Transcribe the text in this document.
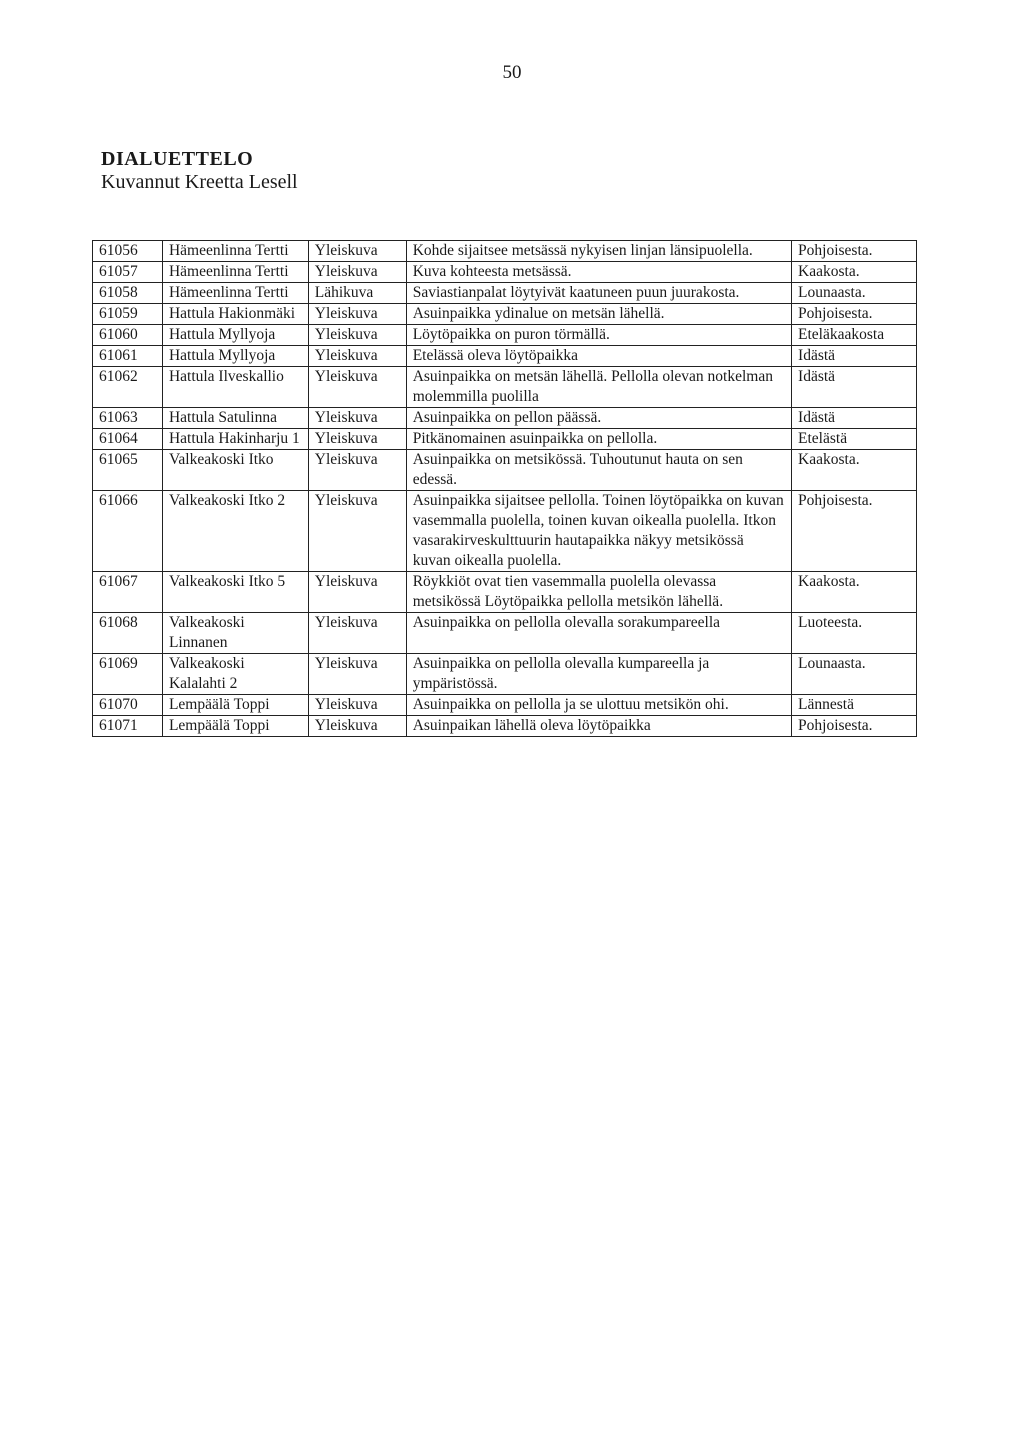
50
DIALUETTELO
Kuvannut Kreetta Lesell
61056	Hämeenlinna Tertti	Yleiskuva	Kohde sijaitsee metsässä nykyisen linjan länsipuolella.	Pohjoisesta.
61057	Hämeenlinna Tertti	Yleiskuva	Kuva kohteesta metsässä.	Kaakosta.
61058	Hämeenlinna Tertti	Lähikuva	Saviastianpalat löytyivät kaatuneen puun juurakosta.	Lounaasta.
61059	Hattula Hakionmäki	Yleiskuva	Asuinpaikka ydinalue on metsän lähellä.	Pohjoisesta.
61060	Hattula Myllyoja	Yleiskuva	Löytöpaikka on puron törmällä.	Eteläkaakosta
61061	Hattula Myllyoja	Yleiskuva	Etelässä oleva löytöpaikka	Idästä
61062	Hattula Ilveskallio	Yleiskuva	Asuinpaikka on metsän lähellä. Pellolla olevan notkelman molemmilla puolilla	Idästä
61063	Hattula Satulinna	Yleiskuva	Asuinpaikka on pellon päässä.	Idästä
61064	Hattula Hakinharju 1	Yleiskuva	Pitkänomainen asuinpaikka on pellolla.	Etelästä
61065	Valkeakoski Itko	Yleiskuva	Asuinpaikka on metsikössä. Tuhoutunut hauta on sen edessä.	Kaakosta.
61066	Valkeakoski Itko 2	Yleiskuva	Asuinpaikka sijaitsee pellolla. Toinen löytöpaikka on kuvan vasemmalla puolella, toinen kuvan oikealla puolella. Itkon vasarakirveskulttuurin hautapaikka näkyy metsikössä kuvan oikealla puolella.	Pohjoisesta.
61067	Valkeakoski Itko 5	Yleiskuva	Röykkiöt ovat tien vasemmalla puolella olevassa metsikössä Löytöpaikka pellolla metsikön lähellä.	Kaakosta.
61068	Valkeakoski Linnanen	Yleiskuva	Asuinpaikka on pellolla olevalla sorakumpareella	Luoteesta.
61069	Valkeakoski Kalalahti 2	Yleiskuva	Asuinpaikka on pellolla olevalla kumpareella ja ympäristössä.	Lounaasta.
61070	Lempäälä Toppi	Yleiskuva	Asuinpaikka on pellolla ja se ulottuu metsikön ohi.	Lännestä
61071	Lempäälä Toppi	Yleiskuva	Asuinpaikan lähellä oleva löytöpaikka	Pohjoisesta.
